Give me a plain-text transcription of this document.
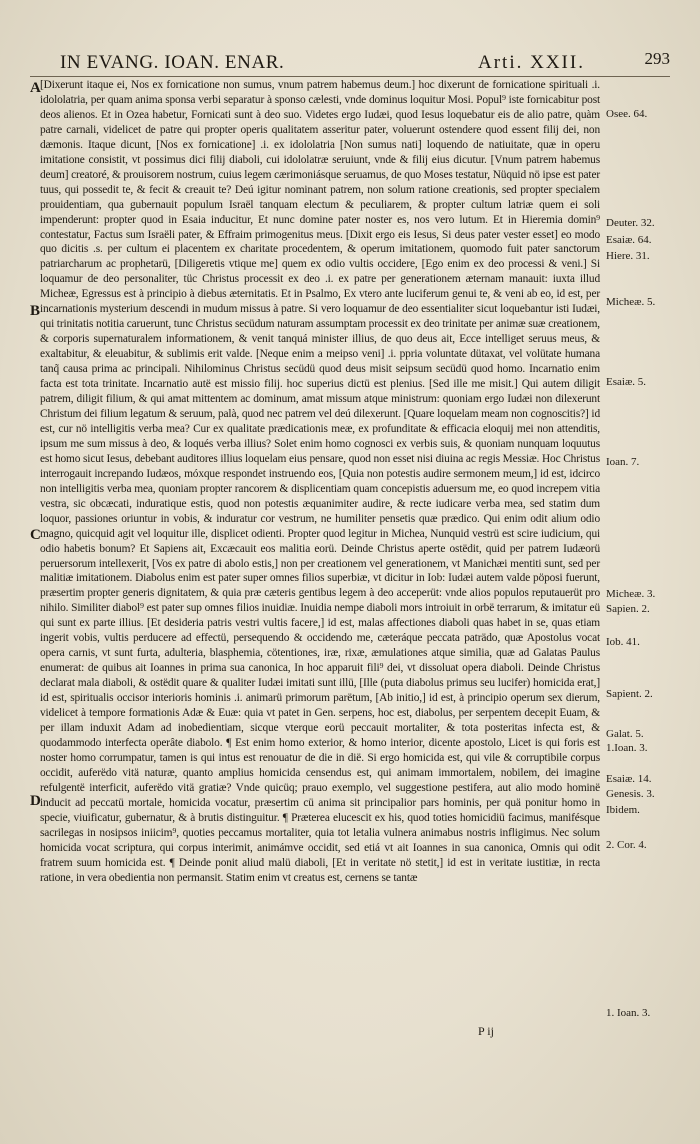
IN EVANG. IOAN. ENAR.	Arti. XXII.	293
A
B
C
D
[Dixerunt itaque ei, Nos ex fornicatione non sumus, vnum patrem habemus deum.] hoc dixerunt de fornicatione spirituali .i. idololatria, per quam anima sponsa verbi separatur à sponso cælesti, vnde dominus loquitur Mosi. Popul⁹ iste fornicabitur post deos alienos. Et in Ozea habetur, Fornicati sunt à deo suo. Videtes ergo Iudæi, quod Iesus loquebatur eis de alio patre, quàm patre carnali, videlicet de patre qui propter operis qualitatem asseritur pater, voluerunt ostendere quod essent filij dei, non dæmonis. Itaque dicunt, [Nos ex fornicatione] .i. ex idololatria [Non sumus nati] loquendo de natiuitate, quæ in operu imitatione consistit, vt possimus dici filij diaboli, cui idololatræ seruiunt, vnde & filij eius dicutur. [Vnum patrem habemus deum] creatoré, & prouisorem nostrum, cuius legem cærimoniásque seruamus, de quo Moses testatur, Nüquid nö ipse est pater tuus, qui possedit te, & fecit & creauit te? Deú igitur nominant patrem, non solum ratione creationis, sed propter specialem prouidentiam, qua gubernauit populum Israël tanquam electum & peculiarem, & propter cultum latriæ quem ei soli impenderunt: propter quod in Esaia inducitur, Et nunc domine pater noster es, nos vero lutum. Et in Hieremia domin⁹ contestatur, Factus sum Israëli pater, & Effraim primogenitus meus. [Dixit ergo eis Iesus, Si deus pater vester esset] eo modo quo dicitis .s. per cultum ei placentem ex charitate procedentem, & operum imitationem, quomodo fuit pater sanctorum patriarcharum ac prophetarü, [Diligeretis vtique me] quem ex odio vultis occidere, [Ego enim ex deo processi & veni.] Si loquamur de deo personaliter, tüc Christus processit ex deo .i. ex patre per generationem æternam manauit: iuxta illud Micheæ, Egressus est à principio à diebus æternitatis. Et in Psalmo, Ex vtero ante luciferum genui te, & veni ab eo, id est, per incarnationis mysterium descendi in mudum missus à patre. Si vero loquamur de deo essentialiter sicut loquebantur isti Iudæi, qui trinitatis notitia caruerunt, tunc Christus secüdum naturam assumptam processit ex deo trinitate per animæ suæ creationem, & corporis supernaturalem informationem, & venit tanquá minister illius, de quo deus ait, Ecce intelliget seruus meus, & exaltabitur, & eleuabitur, & sublimis erit valde. [Neque enim a meipso veni] .i. ppria voluntate dütaxat, vel volütate humana tanq̃ causa prima ac principali. Nihilominus Christus secüdü quod deus misit seipsum secüdü quod homo. Incarnatio enim facta est tota trinitate. Incarnatio autë est missio filij. hoc superius dictü est plenius. [Sed ille me misit.] Qui autem diligit patrem, diligit filium, & qui amat mittentem ac dominum, amat missum atque ministrum: quoniam ergo Iudæi non dilexerunt Christum dei filium legatum & seruum, palà, quod nec patrem vel deú dilexerunt. [Quare loquelam meam non cognoscitis?] id est, cur nö intelligitis verba mea? Cur ex qualitate prædicationis meæ, ex profunditate & efficacia eloquij mei non attenditis, ipsum me sum missus à deo, & loqués verba illius? Solet enim homo cognosci ex verbis suis, & quoniam nunquam loquutus est homo sicut Iesus, debebant auditores illius loquelam eius pensare, quod non esset nisi diuina ac regis Messiæ. Hoc Christus interrogauit increpando Iudæos, móxque respondet instruendo eos, [Quia non potestis audire sermonem meum,] id est, idcirco non intelligitis verba mea, quoniam propter rancorem & displicentiam quam concepistis aduersum me, eo quod increpem vitia vestra, sic obcæcati, induratique estis, quod non potestis æquanimiter audire, & recte iudicare verba mea, sed statim dum loquor, passiones oriuntur in vobis, & induratur cor vestrum, ne humiliter pensetis quæ prædico. Qui enim odit alium odio magno, quicquid agit vel loquitur ille, displicet odienti. Propter quod legitur in Michea, Nunquid vestrü est scire iudicium, qui odio habetis bonum? Et Sapiens ait, Excæcauit eos malitia eorü. Deinde Christus aperte ostëdit, quid per patrem Iudæorü peruersorum intellexerit, [Vos ex patre di abolo estis,] non per creationem vel generationem, vt Manichæi mentiti sunt, sed per malitiæ imitationem. Diabolus enim est pater super omnes filios superbiæ, vt dicitur in Iob: Iudæi autem valde pöposi fuerunt, præsertim propter generis dignitatem, & quia præ cæteris gentibus legem à deo acceperüt: vnde alios populos reputauerüt pro nihilo. Similiter diabol⁹ est pater sup omnes filios inuidiæ. Inuidia nempe diaboli mors introiuit in orbë terrarum, & imitatur eü qui sunt ex parte illius. [Et desideria patris vestri vultis facere,] id est, malas affectiones diaboli quas habet in se, quas etiam ingerit vobis, vultis perducere ad effectü, persequendo & occidendo me, cæteráque peccata paträdo, quæ Apostolus vocat opera carnis, vt sunt furta, adulteria, blasphemia, cötentiones, iræ, rixæ, æmulationes atque similia, quæ ad Galatas Paulus enumerat: de quibus ait Ioannes in prima sua canonica, In hoc apparuit fili⁹ dei, vt dissoluat opera diaboli. Deinde Christus declarat mala diaboli, & ostëdit quare & qualiter Iudæi imitati sunt illü, [Ille (puta diabolus primus seu lucifer) homicida erat,] id est, spiritualis occisor interioris hominis .i. animarü primorum parëtum, [Ab initio,] id est, à principio operum sex dierum, videlicet à tempore formationis Adæ & Euæ: quia vt patet in Gen. serpens, hoc est, diabolus, per serpentem decepit Euam, & per illam induxit Adam ad inobedientiam, sicque vterque eorü peccauit mortaliter, & tota posteritas infecta est, & quodammodo interfecta operâte diabolo. ¶ Est enim homo exterior, & homo interior, dicente apostolo, Licet is qui foris est noster homo corrumpatur, tamen is qui intus est renouatur de die in dië. Si ergo homicida est, qui vile & corruptibile corpus occidit, auferëdo vitä naturæ, quanto amplius homicida censendus est, qui animam immortalem, nobilem, dei imagine refulgentë interficit, auferëdo vitä gratiæ? Vnde quicüq; prauo exemplo, vel suggestione pestifera, aut alio modo hominë inducit ad peccatü mortale, homicida vocatur, præsertim cü anima sit principalior pars hominis, per quä ponitur homo in specie, viuificatur, gubernatur, & à brutis distinguitur. ¶ Præterea elucescit ex his, quod toties homicidiü facimus, manifésque sacrilegas in nosipsos iniicim⁹, quoties peccamus mortaliter, quia tot letalia vulnera animabus nostris infligimus. Nec solum homicida vocat scriptura, qui corpus interimit, animámve occidit, sed etiá vt ait Ioannes in sua canonica, Omnis qui odit fratrem suum homicida est. ¶ Deinde ponit aliud malü diaboli, [Et in veritate nö stetit,] id est in veritate iustitiæ, in recta ratione, in vera obedientia non permansit. Statim enim vt creatus est, cernens se tantæ
Osee. 64.
Deuter. 32.
Esaiæ. 64.
Hiere. 31.
Micheæ. 5.
Esaiæ. 5.
Ioan. 7.
Micheæ. 3.
Sapien. 2.
Iob. 41.
Sapient. 2.
Galat. 5.
1.Ioan. 3.
Esaiæ. 14.
Genesis. 3.
Ibidem.
2. Cor. 4.
1. Ioan. 3.
P ij
